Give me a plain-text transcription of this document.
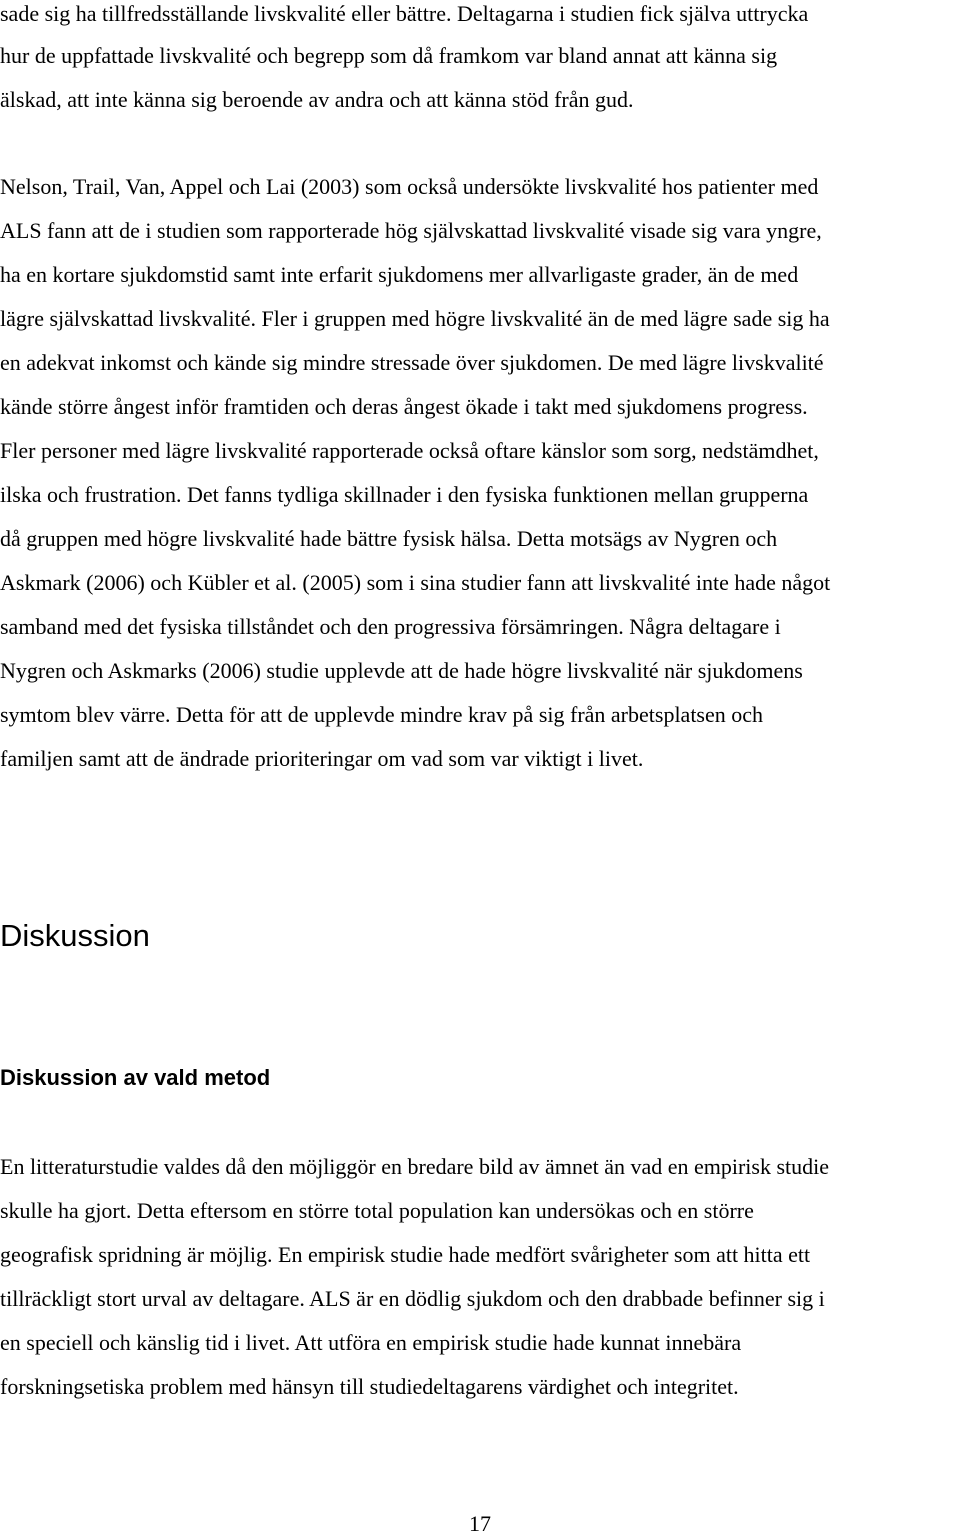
sade sig ha tillfredsställande livskvalité eller bättre. Deltagarna i studien fick själva uttrycka
hur de uppfattade livskvalité och begrepp som då framkom var bland annat att känna sig
älskad, att inte känna sig beroende av andra och att känna stöd från gud.
Nelson, Trail, Van, Appel och Lai (2003) som också undersökte livskvalité hos patienter med
ALS fann att de i studien som rapporterade hög självskattad livskvalité visade sig vara yngre,
ha en kortare sjukdomstid samt inte erfarit sjukdomens mer allvarligaste grader, än de med
lägre självskattad livskvalité. Fler i gruppen med högre livskvalité än de med lägre sade sig ha
en adekvat inkomst och kände sig mindre stressade över sjukdomen. De med lägre livskvalité
kände större ångest inför framtiden och deras ångest ökade i takt med sjukdomens progress.
Fler personer med lägre livskvalité rapporterade också oftare känslor som sorg, nedstämdhet,
ilska och frustration. Det fanns tydliga skillnader i den fysiska funktionen mellan grupperna
då gruppen med högre livskvalité hade bättre fysisk hälsa. Detta motsägs av Nygren och
Askmark (2006) och Kübler et al. (2005) som i sina studier fann att livskvalité inte hade något
samband med det fysiska tillståndet och den progressiva försämringen. Några deltagare i
Nygren och Askmarks (2006) studie upplevde att de hade högre livskvalité när sjukdomens
symtom blev värre. Detta för att de upplevde mindre krav på sig från arbetsplatsen och
familjen samt att de ändrade prioriteringar om vad som var viktigt i livet.
Diskussion
Diskussion av vald metod
En litteraturstudie valdes då den möjliggör en bredare bild av ämnet än vad en empirisk studie
skulle ha gjort. Detta eftersom en större total population kan undersökas och en större
geografisk spridning är möjlig. En empirisk studie hade medfört svårigheter som att hitta ett
tillräckligt stort urval av deltagare. ALS är en dödlig sjukdom och den drabbade befinner sig i
en speciell och känslig tid i livet. Att utföra en empirisk studie hade kunnat innebära
forskningsetiska problem med hänsyn till studiedeltagarens värdighet och integritet.
17
